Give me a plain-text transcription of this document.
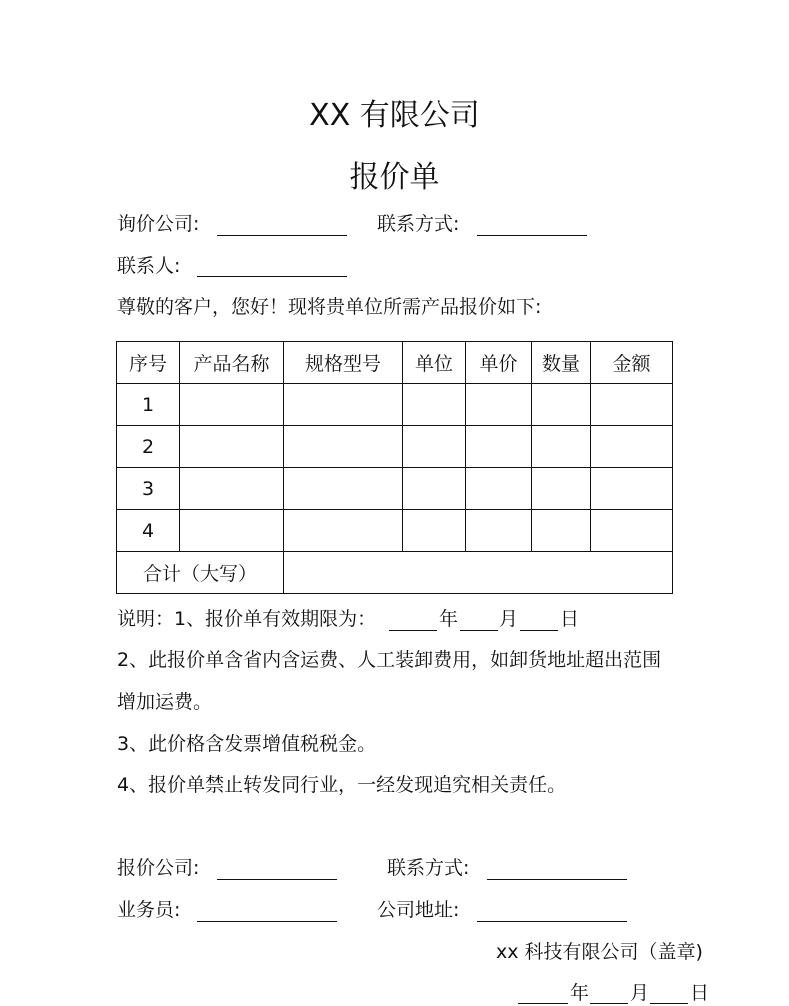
XX 有限公司
报价单
询价公司:	联系方式:
联系人:
尊敬的客户，您好！现将贵单位所需产品报价如下:
序号	产品名称	规格型号	单位	单价	数量	金额
1						
2						
3						
4						
合计（大写）						
说明：1、报价单有效期限为：	年 月 日
2、此报价单含省内含运费、人工装卸费用，如卸货地址超出范围
增加运费。
3、此价格含发票增值税税金。
4、报价单禁止转发同行业，一经发现追究相关责任。
报价公司:	联系方式:
业务员:	公司地址:
xx 科技有限公司（盖章)
年 月 日
